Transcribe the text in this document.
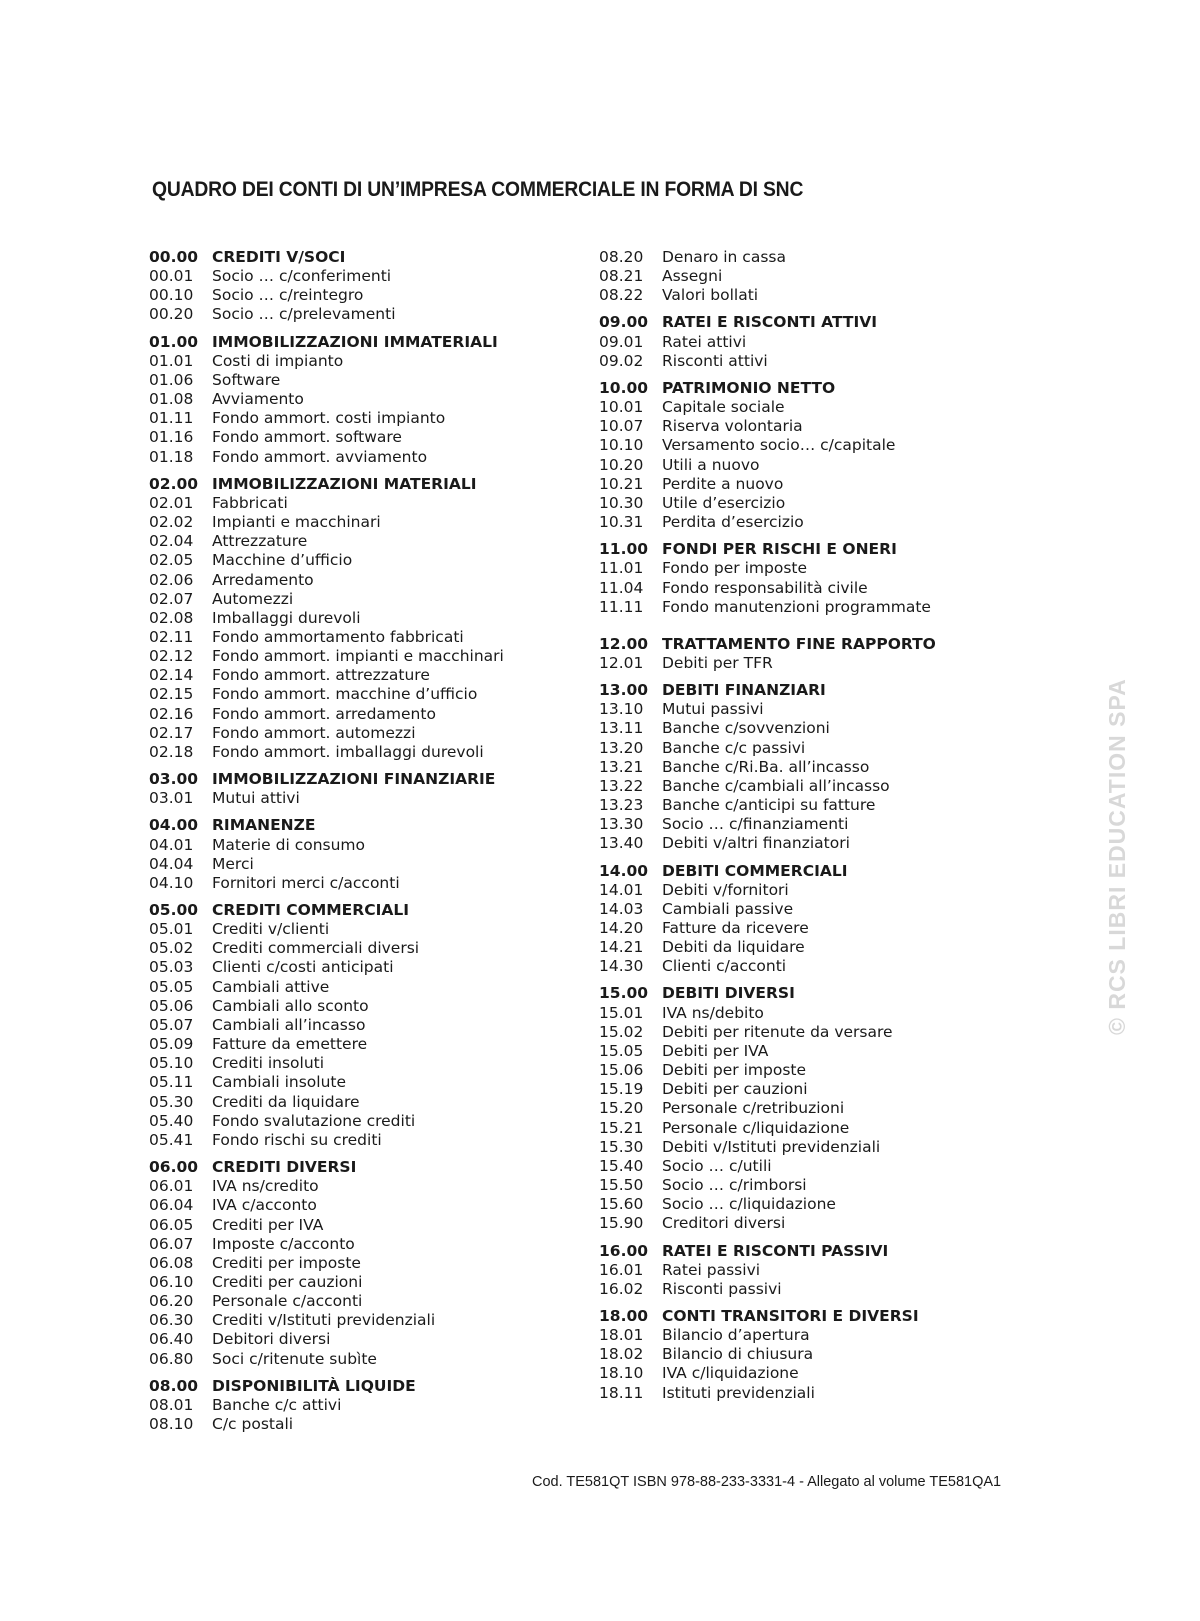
QUADRO DEI CONTI DI UN’IMPRESA COMMERCIALE IN FORMA DI SNC
00.00 CREDITI V/SOCI
00.01	Socio … c/conferimenti
00.10	Socio … c/reintegro
00.20	Socio … c/prelevamenti
01.00 IMMOBILIZZAZIONI IMMATERIALI
01.01	Costi di impianto
01.06	Software
01.08	Avviamento
01.11	Fondo ammort. costi impianto
01.16	Fondo ammort. software
01.18	Fondo ammort. avviamento
02.00 IMMOBILIZZAZIONI MATERIALI
02.01	Fabbricati
02.02	Impianti e macchinari
02.04	Attrezzature
02.05	Macchine d’ufficio
02.06	Arredamento
02.07	Automezzi
02.08	Imballaggi durevoli
02.11	Fondo ammortamento fabbricati
02.12	Fondo ammort. impianti e macchinari
02.14	Fondo ammort. attrezzature
02.15	Fondo ammort. macchine d’ufficio
02.16	Fondo ammort. arredamento
02.17	Fondo ammort. automezzi
02.18	Fondo ammort. imballaggi durevoli
03.00 IMMOBILIZZAZIONI FINANZIARIE
03.01	Mutui attivi
04.00 RIMANENZE
04.01	Materie di consumo
04.04	Merci
04.10	Fornitori merci c/acconti
05.00 CREDITI COMMERCIALI
05.01	Crediti v/clienti
05.02	Crediti commerciali diversi
05.03	Clienti c/costi anticipati
05.05	Cambiali attive
05.06	Cambiali allo sconto
05.07	Cambiali all’incasso
05.09	Fatture da emettere
05.10	Crediti insoluti
05.11	Cambiali insolute
05.30	Crediti da liquidare
05.40	Fondo svalutazione crediti
05.41	Fondo rischi su crediti
06.00 CREDITI DIVERSI
06.01	IVA ns/credito
06.04	IVA c/acconto
06.05	Crediti per IVA
06.07	Imposte c/acconto
06.08	Crediti per imposte
06.10	Crediti per cauzioni
06.20	Personale c/acconti
06.30	Crediti v/Istituti previdenziali
06.40	Debitori diversi
06.80	Soci c/ritenute subìte
08.00 DISPONIBILITÀ LIQUIDE
08.01	Banche c/c attivi
08.10	C/c postali
08.20	Denaro in cassa
08.21	Assegni
08.22	Valori bollati
09.00 RATEI E RISCONTI ATTIVI
09.01	Ratei attivi
09.02	Risconti attivi
10.00 PATRIMONIO NETTO
10.01	Capitale sociale
10.07	Riserva volontaria
10.10	Versamento socio… c/capitale
10.20	Utili a nuovo
10.21	Perdite a nuovo
10.30	Utile d’esercizio
10.31	Perdita d’esercizio
11.00 FONDI PER RISCHI E ONERI
11.01	Fondo per imposte
11.04	Fondo responsabilità civile
11.11	Fondo manutenzioni programmate
12.00 TRATTAMENTO FINE RAPPORTO
12.01	Debiti per TFR
13.00 DEBITI FINANZIARI
13.10	Mutui passivi
13.11	Banche c/sovvenzioni
13.20	Banche c/c passivi
13.21	Banche c/Ri.Ba. all’incasso
13.22	Banche c/cambiali all’incasso
13.23	Banche c/anticipi su fatture
13.30	Socio … c/finanziamenti
13.40	Debiti v/altri finanziatori
14.00 DEBITI COMMERCIALI
14.01	Debiti v/fornitori
14.03	Cambiali passive
14.20	Fatture da ricevere
14.21	Debiti da liquidare
14.30	Clienti c/acconti
15.00 DEBITI DIVERSI
15.01	IVA ns/debito
15.02	Debiti per ritenute da versare
15.05	Debiti per IVA
15.06	Debiti per imposte
15.19	Debiti per cauzioni
15.20	Personale c/retribuzioni
15.21	Personale c/liquidazione
15.30	Debiti v/Istituti previdenziali
15.40	Socio … c/utili
15.50	Socio … c/rimborsi
15.60	Socio … c/liquidazione
15.90	Creditori diversi
16.00 RATEI E RISCONTI PASSIVI
16.01	Ratei passivi
16.02	Risconti passivi
18.00 CONTI TRANSITORI E DIVERSI
18.01	Bilancio d’apertura
18.02	Bilancio di chiusura
18.10	IVA c/liquidazione
18.11	Istituti previdenziali
Cod. TE581QT ISBN 978-88-233-3331-4 - Allegato al volume TE581QA1
© RCS LIBRI EDUCATION SPA
